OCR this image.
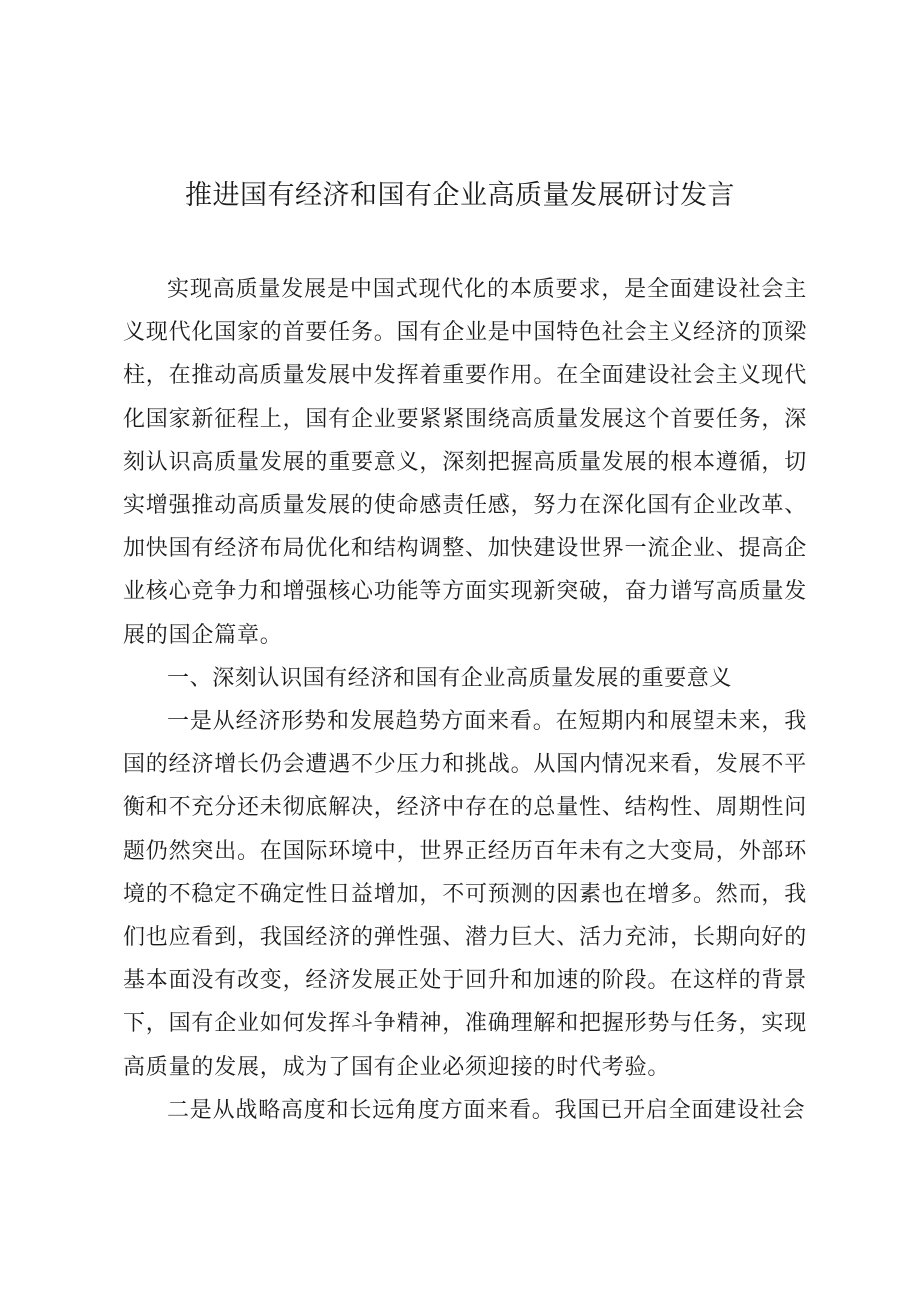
推进国有经济和国有企业高质量发展研讨发言

实现高质量发展是中国式现代化的本质要求，是全面建设社会主义现代化国家的首要任务。国有企业是中国特色社会主义经济的顶梁柱，在推动高质量发展中发挥着重要作用。在全面建设社会主义现代化国家新征程上，国有企业要紧紧围绕高质量发展这个首要任务，深刻认识高质量发展的重要意义，深刻把握高质量发展的根本遵循，切实增强推动高质量发展的使命感责任感，努力在深化国有企业改革、加快国有经济布局优化和结构调整、加快建设世界一流企业、提高企业核心竞争力和增强核心功能等方面实现新突破，奋力谱写高质量发展的国企篇章。

一、深刻认识国有经济和国有企业高质量发展的重要意义

一是从经济形势和发展趋势方面来看。在短期内和展望未来，我国的经济增长仍会遭遇不少压力和挑战。从国内情况来看，发展不平衡和不充分还未彻底解决，经济中存在的总量性、结构性、周期性问题仍然突出。在国际环境中，世界正经历百年未有之大变局，外部环境的不稳定不确定性日益增加，不可预测的因素也在增多。然而，我们也应看到，我国经济的弹性强、潜力巨大、活力充沛，长期向好的基本面没有改变，经济发展正处于回升和加速的阶段。在这样的背景下，国有企业如何发挥斗争精神，准确理解和把握形势与任务，实现高质量的发展，成为了国有企业必须迎接的时代考验。

二是从战略高度和长远角度方面来看。我国已开启全面建设社会
